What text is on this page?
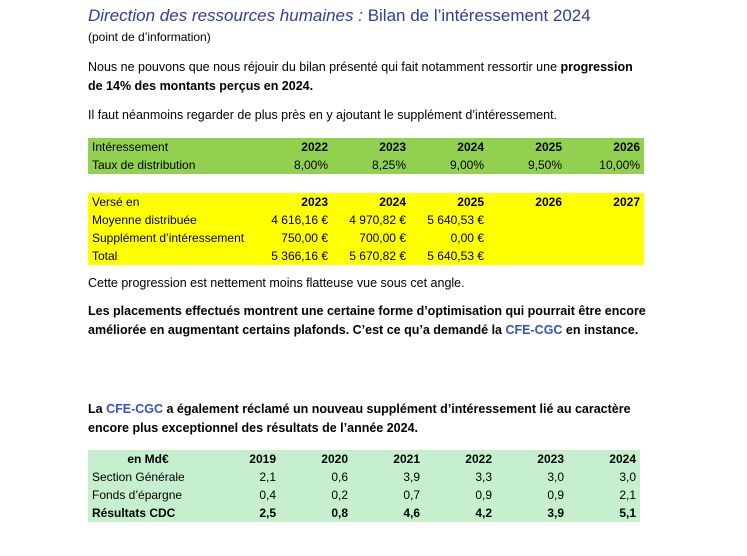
Direction des ressources humaines : Bilan de l’intéressement 2024
(point de d’information)
Nous ne pouvons que nous réjouir du bilan présenté qui fait notamment ressortir une progression de 14% des montants perçus en 2024.
Il faut néanmoins regarder de plus près en y ajoutant le supplément d’intéressement.
Intéressement	2022	2023	2024	2025	2026
Taux de distribution	8,00%	8,25%	9,00%	9,50%	10,00%
Versé en	2023	2024	2025	2026	2027
Moyenne distribuée	4 616,16 €	4 970,82 €	5 640,53 €		
Supplément d’intéressement	750,00 €	700,00 €	0,00 €		
Total	5 366,16 €	5 670,82 €	5 640,53 €		
Cette progression est nettement moins flatteuse vue sous cet angle.
Les placements effectués montrent une certaine forme d’optimisation qui pourrait être encore améliorée en augmentant certains plafonds. C’est ce qu’a demandé la CFE-CGC en instance.
La CFE-CGC a également réclamé un nouveau supplément d’intéressement lié au caractère encore plus exceptionnel des résultats de l’année 2024.
en Md€	2019	2020	2021	2022	2023	2024
Section Générale	2,1	0,6	3,9	3,3	3,0	3,0
Fonds d’épargne	0,4	0,2	0,7	0,9	0,9	2,1
Résultats CDC	2,5	0,8	4,6	4,2	3,9	5,1
